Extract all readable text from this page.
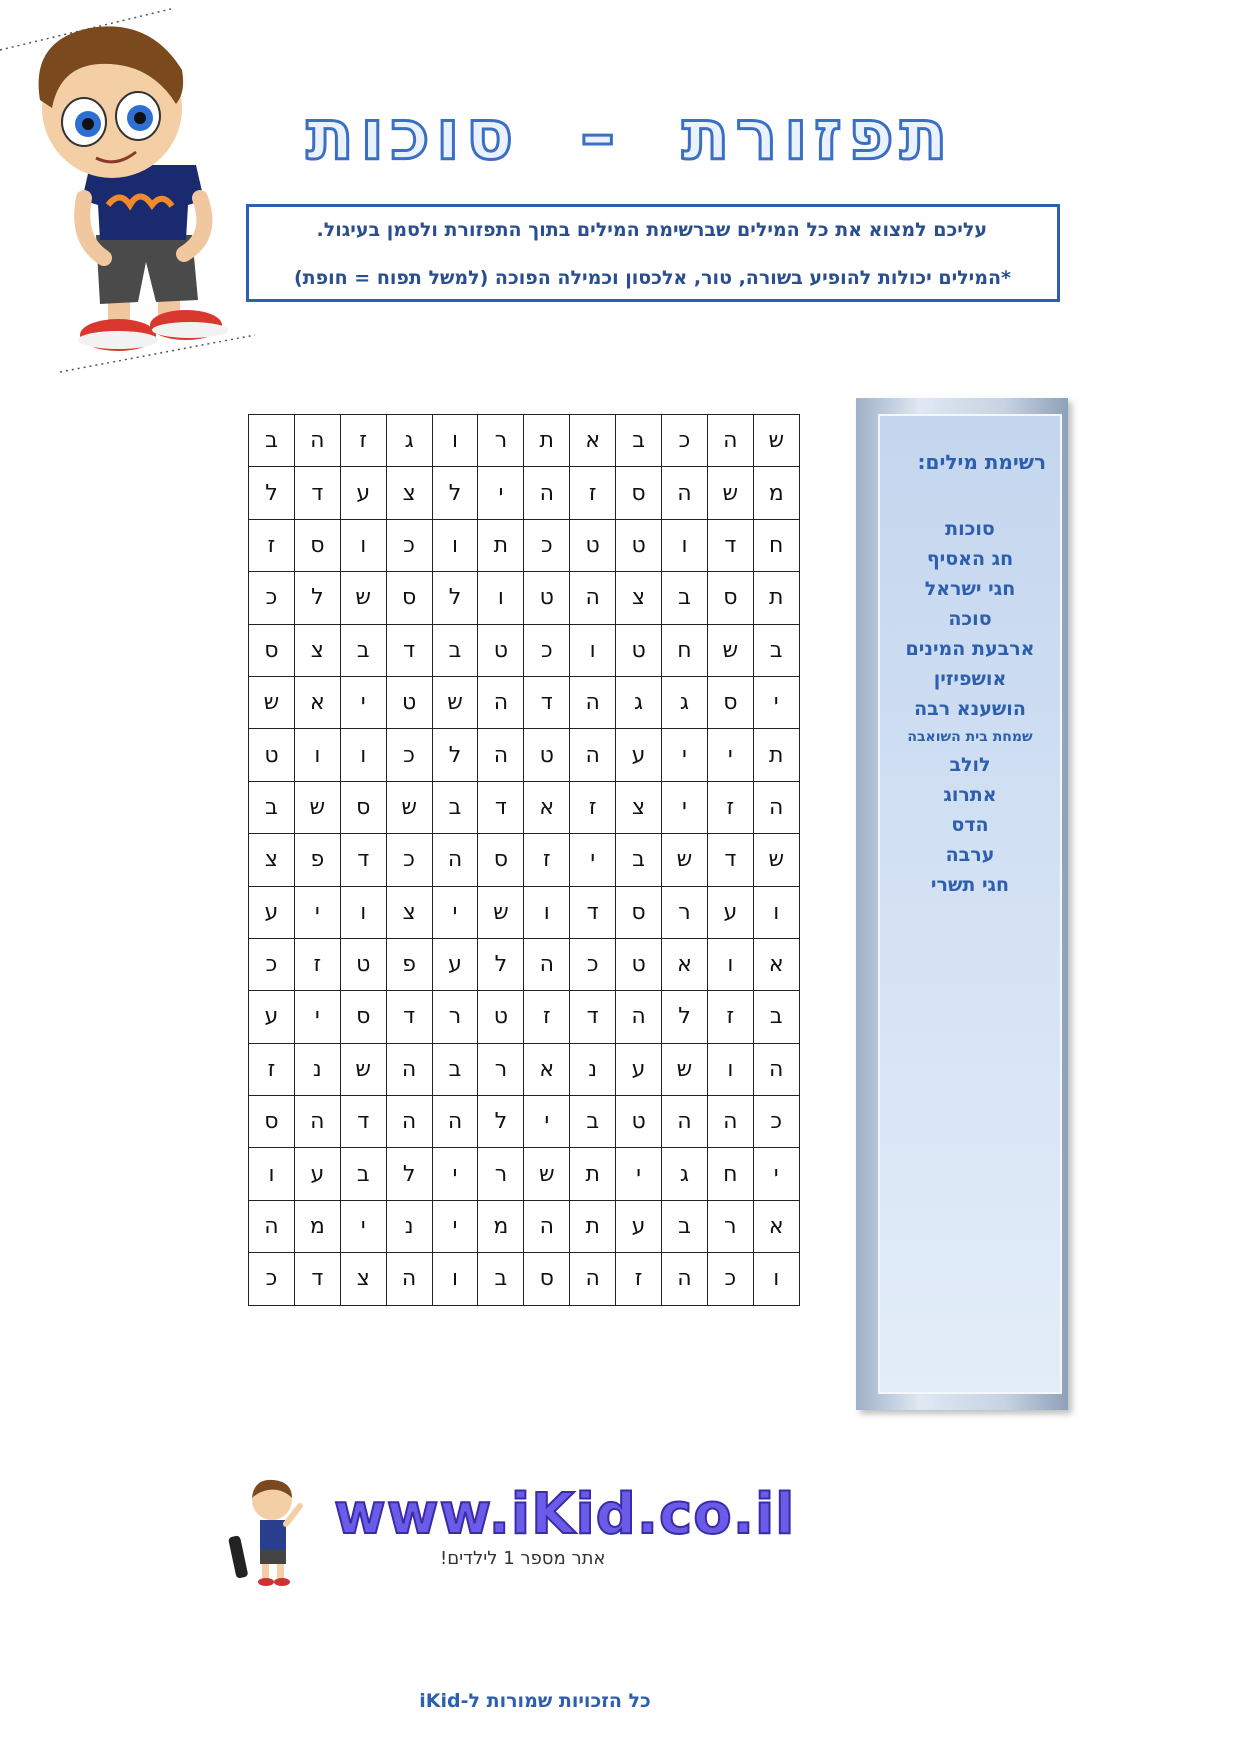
תפזורת  –  סוכות
עליכם למצוא את כל המילים שברשימת המילים בתוך התפזורת ולסמן בעיגול.
*המילים יכולות להופיע בשורה, טור, אלכסון וכמילה הפוכה (למשל תפוח = חופת)
ב	ה	ז	ג	ו	ר	ת	א	ב	כ	ה	ש
ל	ד	ע	צ	ל	י	ה	ז	ס	ה	ש	מ
ז	ס	ו	כ	ו	ת	כ	ט	ט	ו	ד	ח
כ	ל	ש	ס	ל	ו	ט	ה	צ	ב	ס	ת
ס	צ	ב	ד	ב	ט	כ	ו	ט	ח	ש	ב
ש	א	י	ט	ש	ה	ד	ה	ג	ג	ס	י
ט	ו	ו	כ	ל	ה	ט	ה	ע	י	י	ת
ב	ש	ס	ש	ב	ד	א	ז	צ	י	ז	ה
צ	פ	ד	כ	ה	ס	ז	י	ב	ש	ד	ש
ע	י	ו	צ	י	ש	ו	ד	ס	ר	ע	ו
כ	ז	ט	פ	ע	ל	ה	כ	ט	א	ו	א
ע	י	ס	ד	ר	ט	ז	ד	ה	ל	ז	ב
ז	נ	ש	ה	ב	ר	א	נ	ע	ש	ו	ה
ס	ה	ד	ה	ה	ל	י	ב	ט	ה	ה	כ
ו	ע	ב	ל	י	ר	ש	ת	י	ג	ח	י
ה	מ	י	נ	י	מ	ה	ת	ע	ב	ר	א
כ	ד	צ	ה	ו	ב	ס	ה	ז	ה	כ	ו
רשימת מילים:
סוכות
חג האסיף
חגי ישראל
סוכה
ארבעת המינים
אושפיזין
הושענא רבה
שמחת בית השואבה
לולב
אתרוג
הדס
ערבה
חגי תשרי
www.iKid.co.il
אתר מספר 1 לילדים!
כל הזכויות שמורות ל-iKid
